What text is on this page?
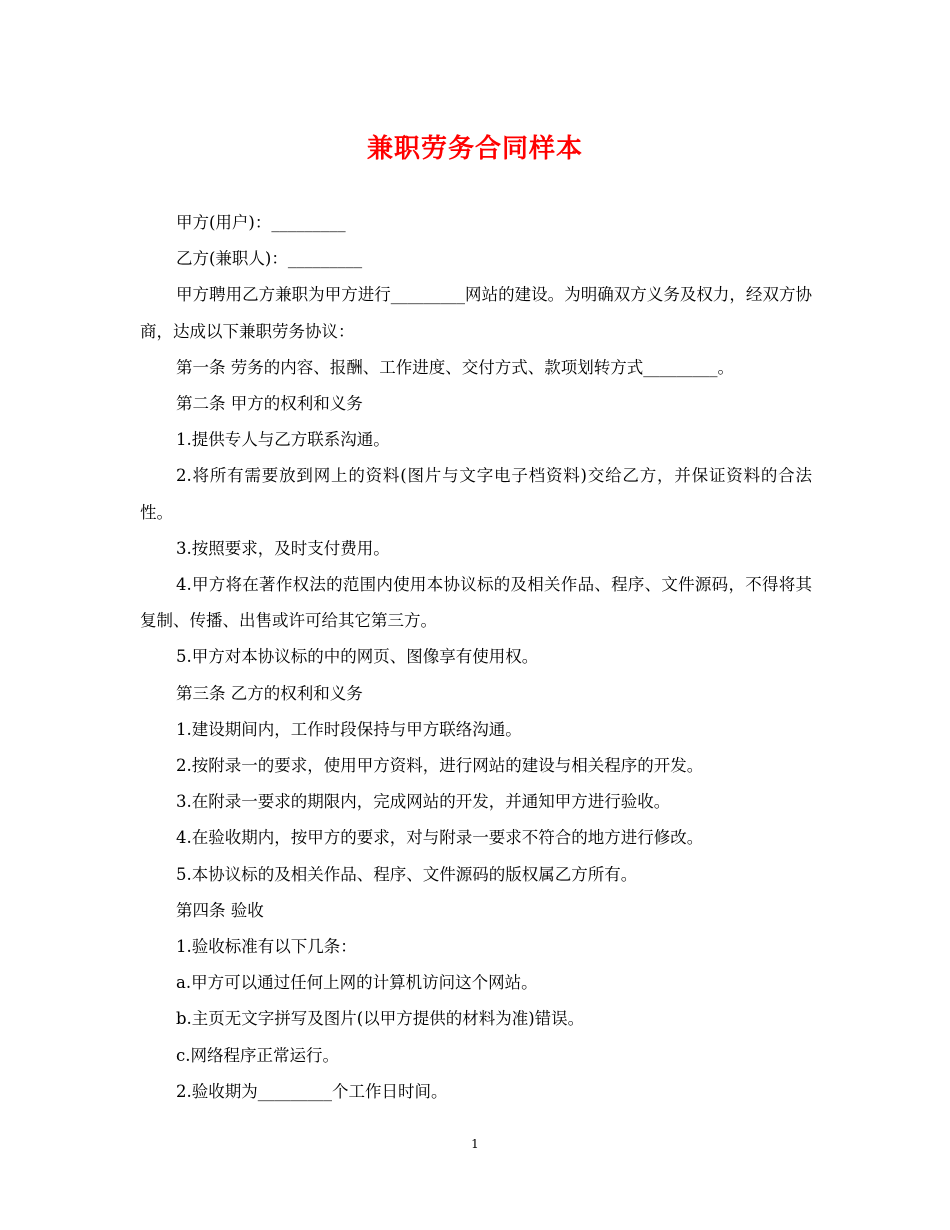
兼职劳务合同样本

甲方(用户)：_________

乙方(兼职人)：_________

甲方聘用乙方兼职为甲方进行_________网站的建设。为明确双方义务及权力，经双方协商，达成以下兼职劳务协议：

第一条 劳务的内容、报酬、工作进度、交付方式、款项划转方式_________。

第二条 甲方的权利和义务

1.提供专人与乙方联系沟通。

2.将所有需要放到网上的资料(图片与文字电子档资料)交给乙方，并保证资料的合法性。

3.按照要求，及时支付费用。

4.甲方将在著作权法的范围内使用本协议标的及相关作品、程序、文件源码，不得将其复制、传播、出售或许可给其它第三方。

5.甲方对本协议标的中的网页、图像享有使用权。

第三条 乙方的权利和义务

1.建设期间内，工作时段保持与甲方联络沟通。

2.按附录一的要求，使用甲方资料，进行网站的建设与相关程序的开发。

3.在附录一要求的期限内，完成网站的开发，并通知甲方进行验收。

4.在验收期内，按甲方的要求，对与附录一要求不符合的地方进行修改。

5.本协议标的及相关作品、程序、文件源码的版权属乙方所有。

第四条 验收

1.验收标准有以下几条：

a.甲方可以通过任何上网的计算机访问这个网站。

b.主页无文字拼写及图片(以甲方提供的材料为准)错误。

c.网络程序正常运行。

2.验收期为_________个工作日时间。

1
